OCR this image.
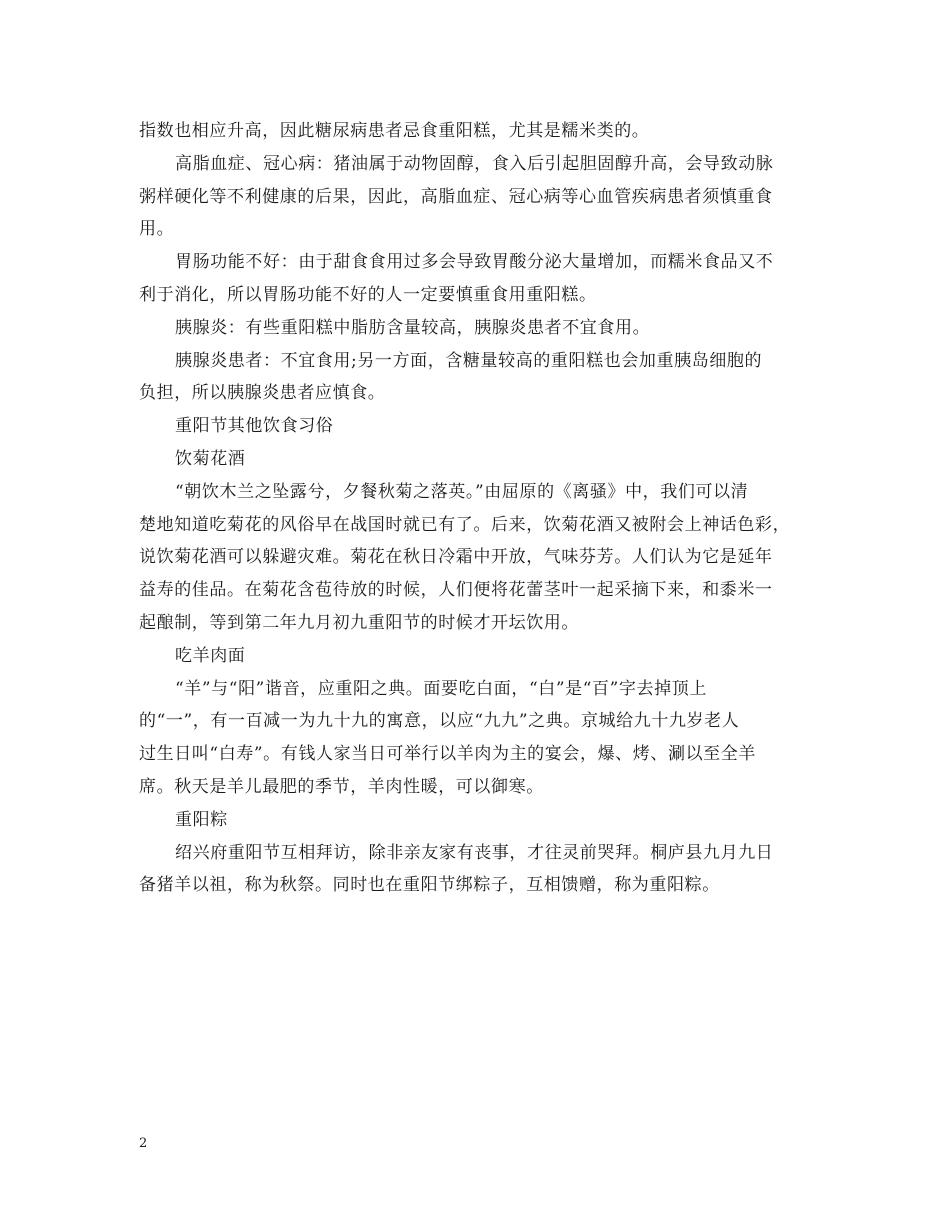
指数也相应升高，因此糖尿病患者忌食重阳糕，尤其是糯米类的。
高脂血症、冠心病：猪油属于动物固醇，食入后引起胆固醇升高，会导致动脉
粥样硬化等不利健康的后果，因此，高脂血症、冠心病等心血管疾病患者须慎重食
用。
胃肠功能不好：由于甜食食用过多会导致胃酸分泌大量增加，而糯米食品又不
利于消化，所以胃肠功能不好的人一定要慎重食用重阳糕。
胰腺炎：有些重阳糕中脂肪含量较高，胰腺炎患者不宜食用。
胰腺炎患者：不宜食用;另一方面，含糖量较高的重阳糕也会加重胰岛细胞的
负担，所以胰腺炎患者应慎食。
重阳节其他饮食习俗
饮菊花酒
“朝饮木兰之坠露兮，夕餐秋菊之落英。”由屈原的《离骚》中，我们可以清
楚地知道吃菊花的风俗早在战国时就已有了。后来，饮菊花酒又被附会上神话色彩，
说饮菊花酒可以躲避灾难。菊花在秋日冷霜中开放，气味芬芳。人们认为它是延年
益寿的佳品。在菊花含苞待放的时候，人们便将花蕾茎叶一起采摘下来，和黍米一
起酿制，等到第二年九月初九重阳节的时候才开坛饮用。
吃羊肉面
“羊”与“阳”谐音，应重阳之典。面要吃白面，“白”是“百”字去掉顶上
的“一”，有一百减一为九十九的寓意，以应“九九”之典。京城给九十九岁老人
过生日叫“白寿”。有钱人家当日可举行以羊肉为主的宴会，爆、烤、涮以至全羊
席。秋天是羊儿最肥的季节，羊肉性暖，可以御寒。
重阳粽
绍兴府重阳节互相拜访，除非亲友家有丧事，才往灵前哭拜。桐庐县九月九日
备猪羊以祖，称为秋祭。同时也在重阳节绑粽子，互相馈赠，称为重阳粽。
2
